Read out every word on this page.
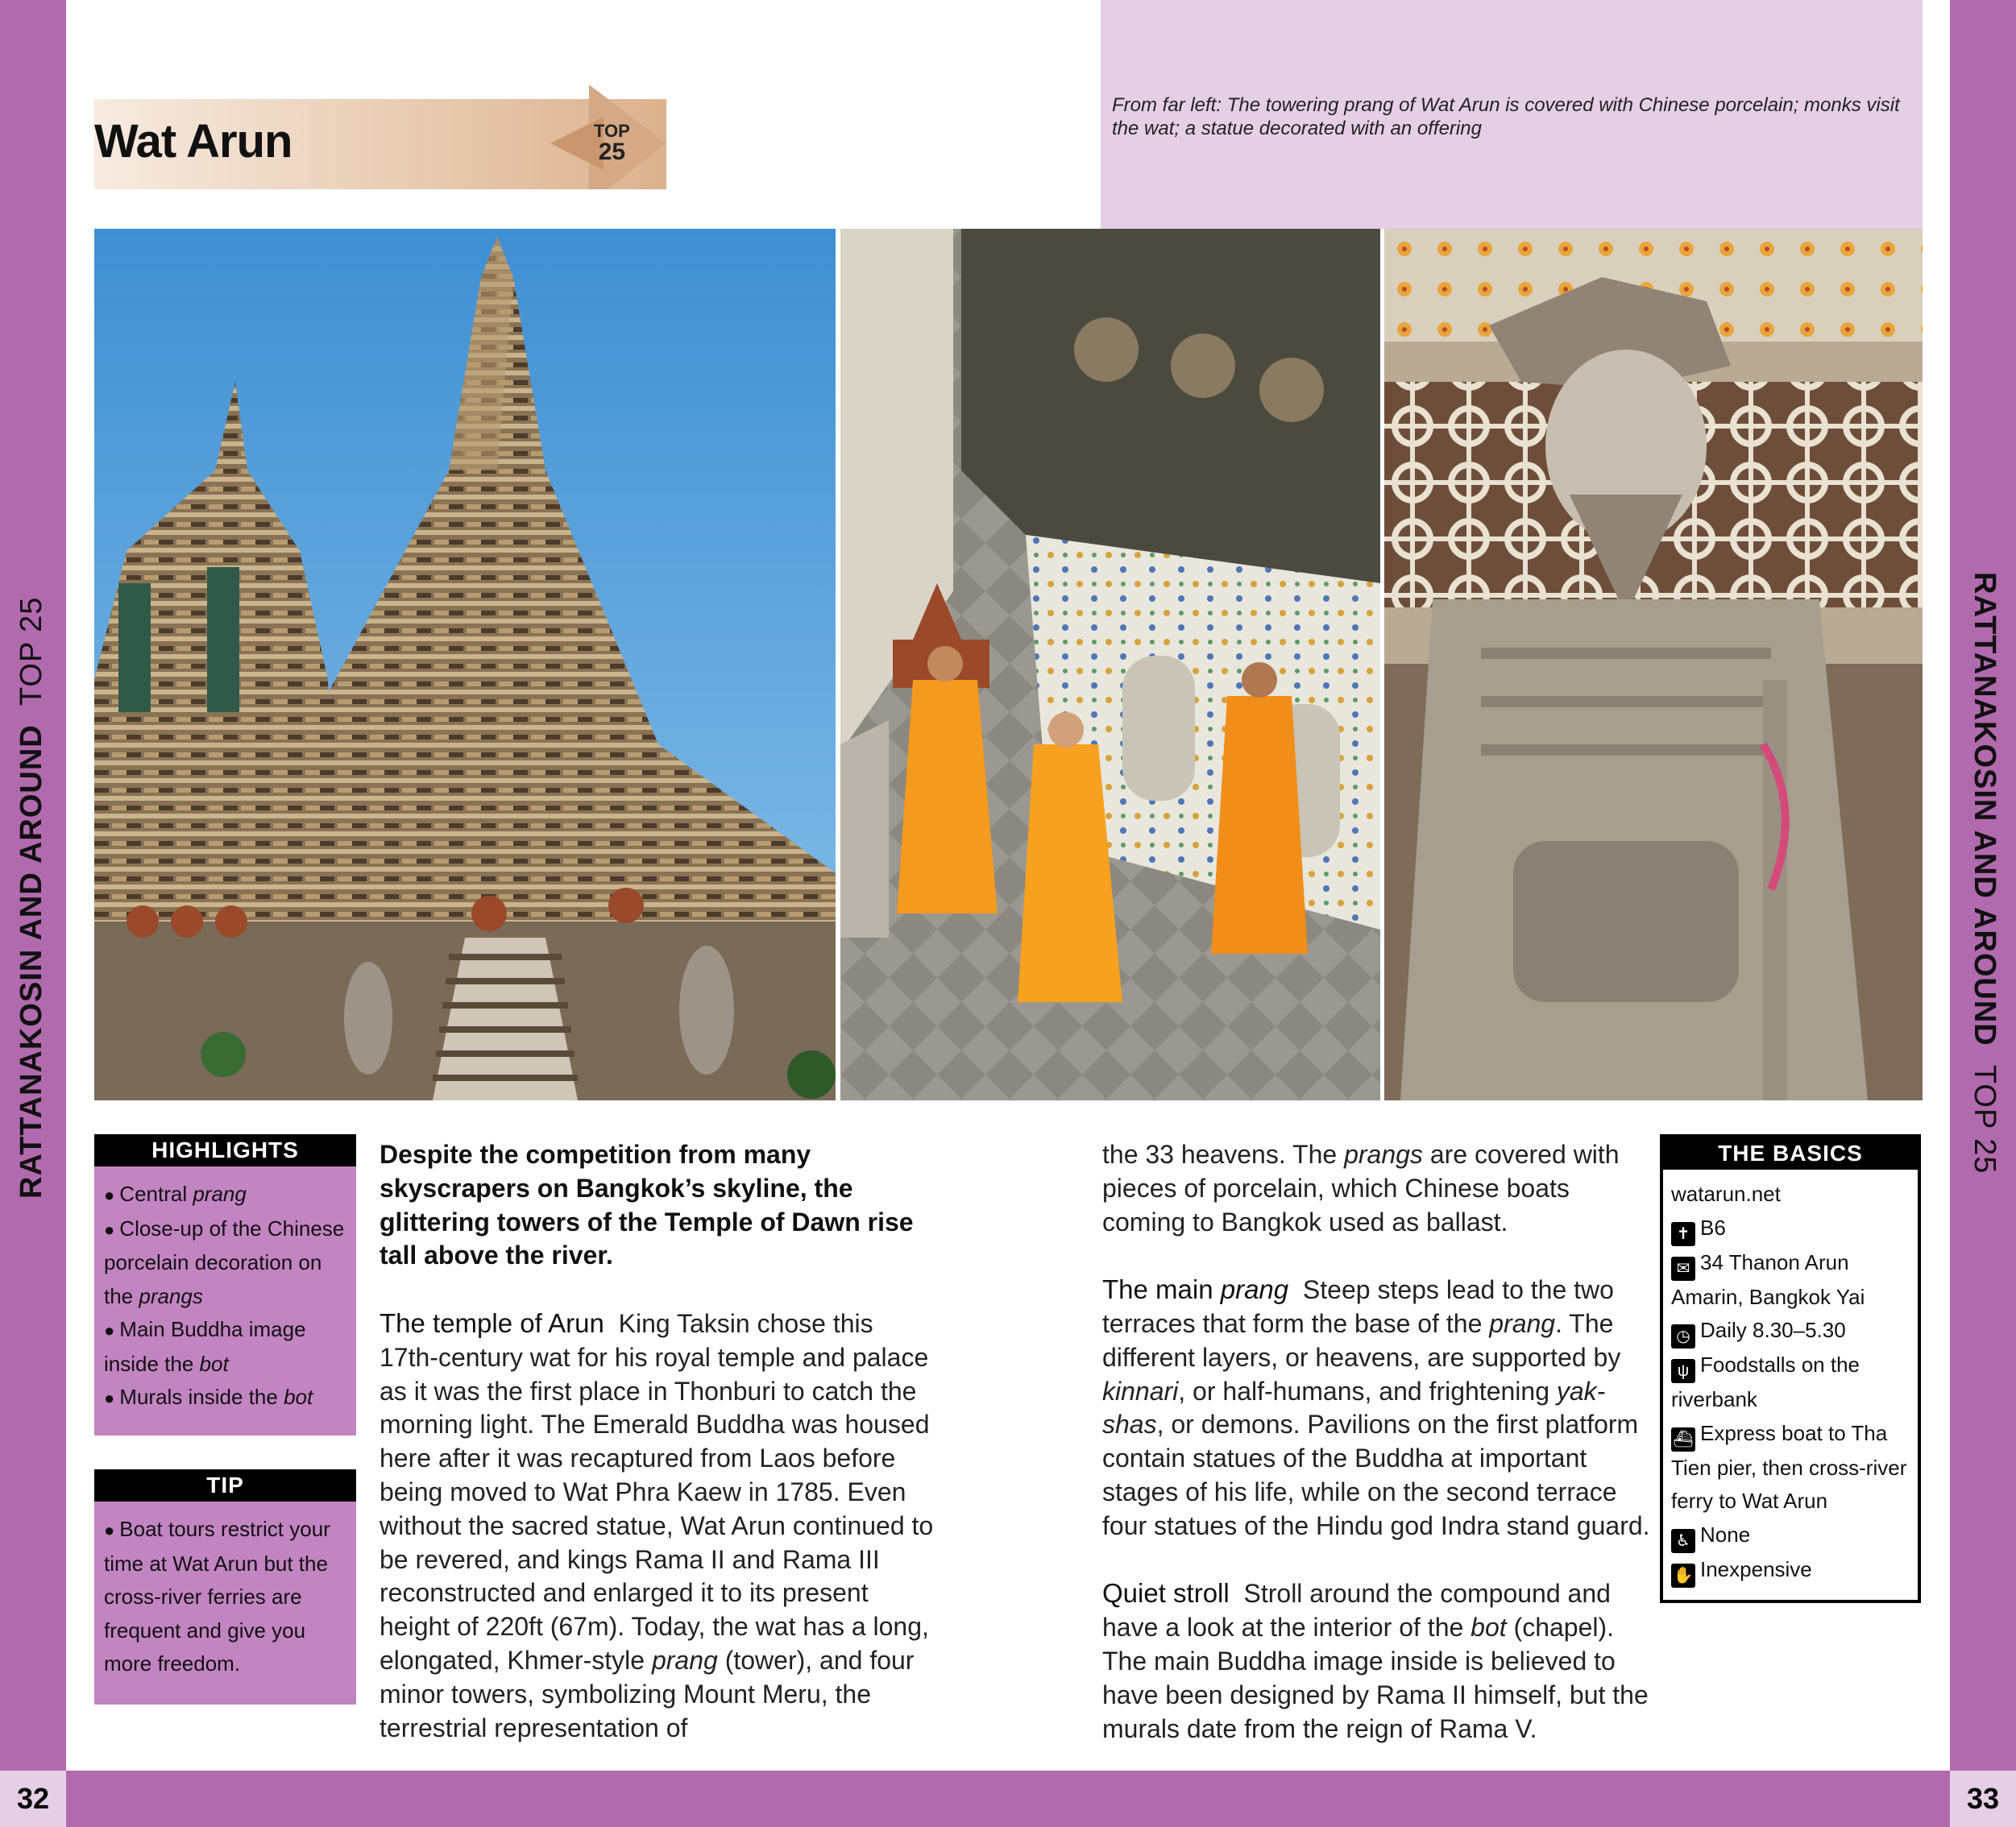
32	33
RATTANAKOSIN AND AROUND  TOP 25	RATTANAKOSIN AND AROUND  TOP 25
Wat Arun	TOP
25
From far left: The towering prang of Wat Arun is covered with Chinese porcelain; monks visit the wat; a statue decorated with an offering
HIGHLIGHTS

● Central prang

● Close-up of the Chinese porcelain decoration on the prangs

● Main Buddha image inside the bot

● Murals inside the bot

TIP

● Boat tours restrict your time at Wat Arun but the cross-river ferries are frequent and give you more freedom.

Despite the competition from many skyscrapers on Bangkok’s skyline, the glittering towers of the Temple of Dawn rise tall above the river.

The temple of Arun King Taksin chose this 17th-century wat for his royal temple and palace as it was the first place in Thonburi to catch the morning light. The Emerald Buddha was housed here after it was recaptured from Laos before being moved to Wat Phra Kaew in 1785. Even without the sacred statue, Wat Arun continued to be revered, and kings Rama II and Rama III reconstructed and enlarged it to its present height of 220ft (67m). Today, the wat has a long, elongated, Khmer-style prang (tower), and four minor towers, symbolizing Mount Meru, the terrestrial representation of

the 33 heavens. The prangs are covered with pieces of porcelain, which Chinese boats coming to Bangkok used as ballast.

The main prang Steep steps lead to the two terraces that form the base of the prang. The different layers, or heavens, are supported by kinnari, or half-humans, and frightening yak-shas, or demons. Pavilions on the first platform contain statues of the Buddha at important stages of his life, while on the second terrace four statues of the Hindu god Indra stand guard.

Quiet stroll Stroll around the compound and have a look at the interior of the bot (chapel). The main Buddha image inside is believed to have been designed by Rama II himself, but the murals date from the reign of Rama V.

THE BASICS

watarun.net

✝ B6

✉ 34 Thanon Arun Amarin, Bangkok Yai

◷ Daily 8.30–5.30

ψ Foodstalls on the riverbank

⛴ Express boat to Tha Tien pier, then cross-river ferry to Wat Arun

♿ None

✋ Inexpensive
